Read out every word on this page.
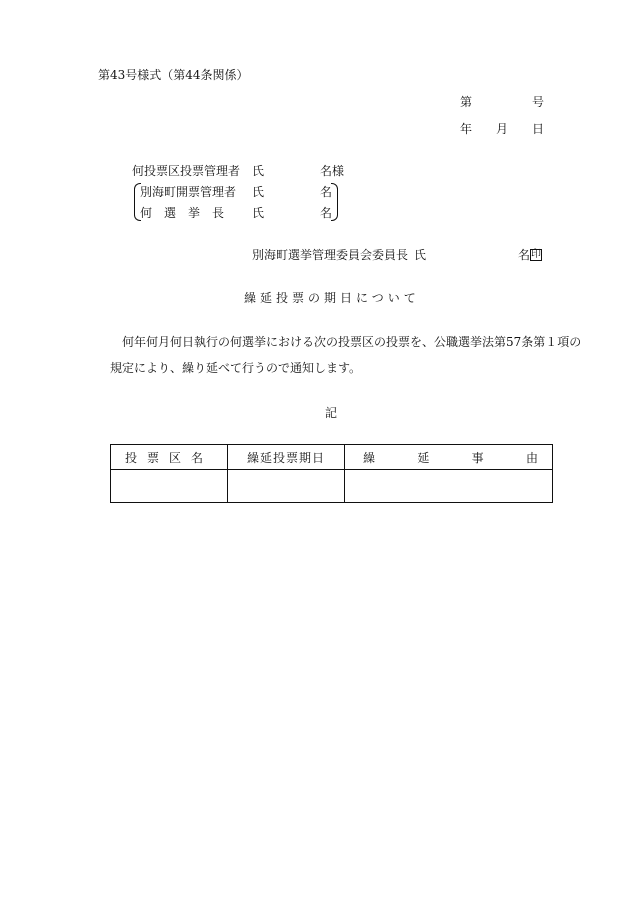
第43号様式（第44条関係）
第	号
年 月 日
何投票区投票管理者 氏	名様
別海町開票管理者 氏	名
何　選　挙　長 氏	名
別海町選挙管理委員会委員長 氏	名 印
繰延投票の期日について
何年何月何日執行の何選挙における次の投票区の投票を、公職選挙法第57条第１項の
規定により、繰り延べて行うので通知します。
記
投票区名	繰延投票期日	繰 延 事 由
